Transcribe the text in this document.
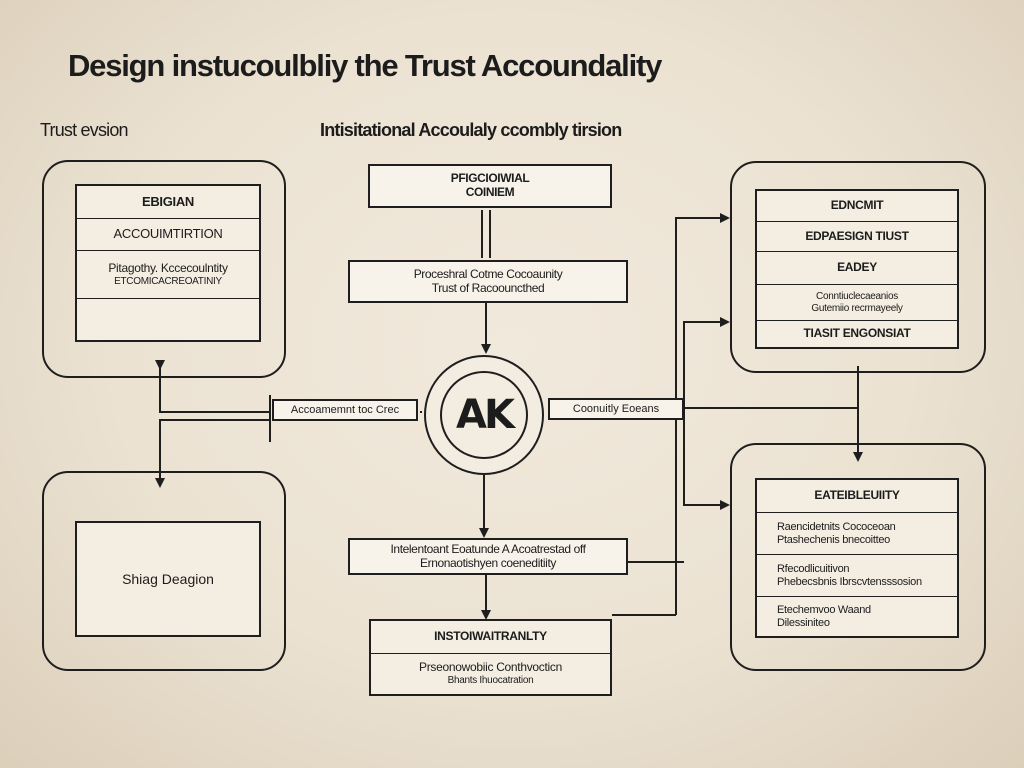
Design instucoulbliy the Trust Accoundality
Trust evsion	Intisitational Accoulaly ccombly tirsion
EBIGIAN
ACCOUIMTIRTION
Pitagothy. Kccecoulntity
ETCOMICACREOATINIY
Shiag Deagion
PFIGCIOIWIAL
COINIEM
Proceshral Cotme Cocoaunity
Trust of Racoouncthed
AK
Accoamemnt toc Crec	Coonuitly Eoeans
Intelentoant Eoatunde A Acoatrestad off
Ernonaotishyen coeneditiity
INSTOIWAITRANLTY
Prseonowobiic Conthvocticn
Bhants Ihuocatration
EDNCMIT
EDPAESIGN TIUST
EADEY
Conntiuclecaeanios
Gutemiio recrmayeely
TIASIT ENGONSIAT
EATEIBLEUIITY
Raencidetnits Cococeoan
Ptashechenis bnecoitteo
Rfecodlicuitivon
Phebecsbnis Ibrscvtensssosion
Etechemvoo Waand
Dilessiniteo
